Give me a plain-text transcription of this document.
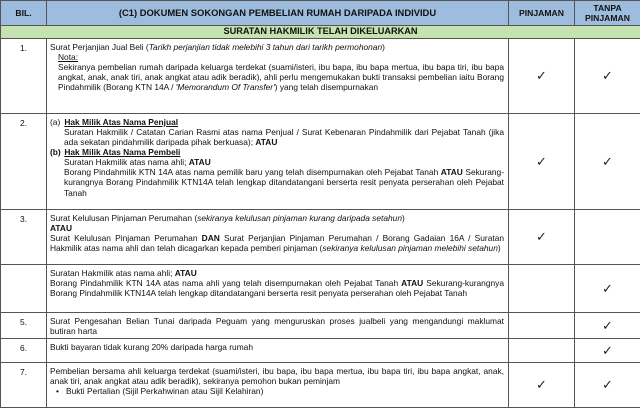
BIL.	(C1) DOKUMEN SOKONGAN PEMBELIAN RUMAH DARIPADA INDIVIDU	PINJAMAN	TANPA
PINJAMAN

SURATAN HAKMILIK TELAH DIKELUARKAN			
1.	Surat Perjanjian Jual Beli (Tarikh perjanjian tidak melebihi 3 tahun dari tarikh permohonan)

Nota:

Sekiranya pembelian rumah daripada keluarga terdekat (suami/isteri, ibu bapa, ibu bapa mertua, ibu bapa tiri, ibu bapa angkat, anak, anak tiri, anak angkat atau adik beradik), ahli perlu mengemukakan bukti transaksi pembelian iaitu Borang Pindahmilik (Borang KTN 14A / 'Memorandum Of Transfer') yang telah disempurnakan	✓	✓
2.	(a) Hak Milik Atas Nama Penjual

Suratan Hakmilik / Catatan Carian Rasmi atas nama Penjual / Surat Kebenaran Pindahmilik dari Pejabat Tanah (jika ada sekatan pindahmilik daripada pihak berkuasa); ATAU

(b) Hak Milik Atas Nama Pembeli

Suratan Hakmilik atas nama ahli; ATAU

Borang Pindahmilik KTN 14A atas nama pemilik baru yang telah disempurnakan oleh Pejabat Tanah ATAU Sekurang-kurangnya Borang Pindahmilik KTN14A telah lengkap ditandatangani berserta resit penyata perserahan oleh Pejabat Tanah	✓	✓
3.	Surat Kelulusan Pinjaman Perumahan (sekiranya kelulusan pinjaman kurang daripada setahun)

ATAU

Surat Kelulusan Pinjaman Perumahan DAN Surat Perjanjian Pinjaman Perumahan / Borang Gadaian 16A / Suratan Hakmilik atas nama ahli dan telah dicagarkan kepada pemberi pinjaman (sekiranya kelulusan pinjaman melebihi setahun)	✓	

	Suratan Hakmilik atas nama ahli; ATAU

Borang Pindahmilik KTN 14A atas nama ahli yang telah disempurnakan oleh Pejabat Tanah ATAU Sekurang-kurangnya Borang Pindahmilik KTN14A telah lengkap ditandatangani berserta resit penyata perserahan oleh Pejabat Tanah		✓
5.	Surat Pengesahan Belian Tunai daripada Peguam yang menguruskan proses jualbeli yang mengandungi maklumat butiran harta		✓
6.	Bukti bayaran tidak kurang 20% daripada harga rumah		✓
7.	Pembelian bersama ahli keluarga terdekat (suami/isteri, ibu bapa, ibu bapa mertua, ibu bapa tiri, ibu bapa angkat, anak, anak tiri, anak angkat atau adik beradik), sekiranya pemohon bukan peminjam

• Bukti Pertalian (Sijil Perkahwinan atau Sijil Kelahiran)	✓	✓
